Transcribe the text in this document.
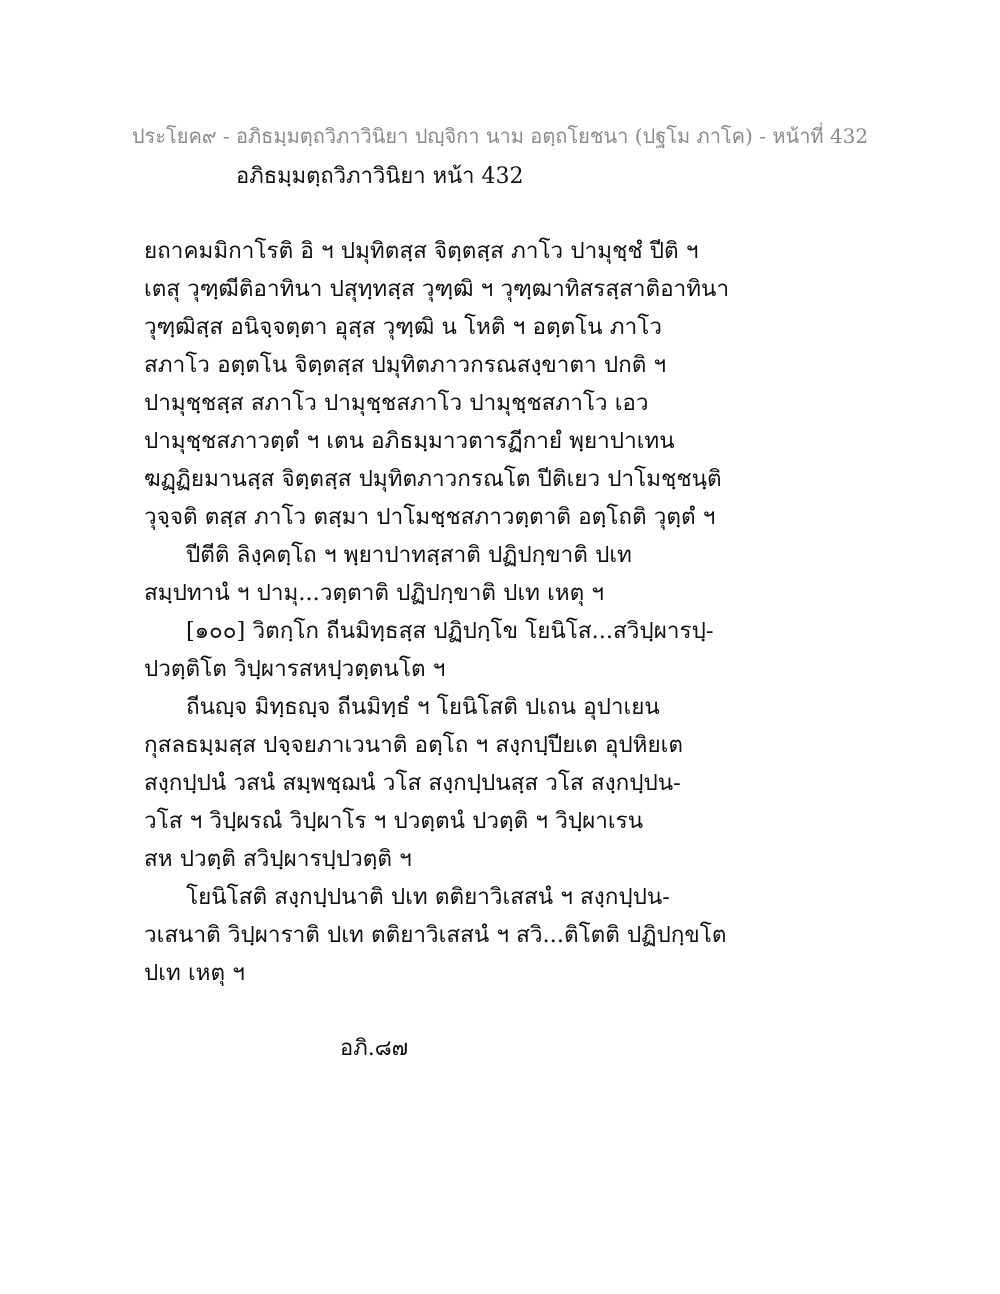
ประโยค๙ - อภิธมฺมตฺถวิภาวินิยา ปญฺจิกา นาม อตฺถโยชนา (ปฐโม ภาโค) - หน้าที่ 432
อภิธมฺมตฺถวิภาวินิยา หน้า 432
ยถาคมมิกาโรติ อิ ฯ ปมุทิตสฺส จิตฺตสฺส ภาโว ปามุชฺชํ ปีติ ฯ
เตสุ วุฑฺฒีติอาทินา ปสุทฺทสฺส วุฑฺฒิ ฯ วุฑฺฒาทิสรสฺสาติอาทินา
วุฑฺฒิสฺส อนิจฺจตฺตา อุสฺส วุฑฺฒิ น โหติ ฯ อตฺตโน ภาโว
สภาโว อตฺตโน จิตฺตสฺส ปมุทิตภาวกรณสงฺขาตา ปกติ ฯ
ปามุชฺชสฺส สภาโว ปามุชฺชสภาโว ปามุชฺชสภาโว เอว
ปามุชฺชสภาวตฺตํ ฯ เตน อภิธมฺมาวตารฏีกายํ พฺยาปาเทน
ฆฏฺฏิยมานสฺส จิตฺตสฺส ปมุทิตภาวกรณโต ปีติเยว ปาโมชฺชนฺติ
วุจฺจติ ตสฺส ภาโว ตสฺมา ปาโมชฺชสภาวตฺตาติ อตฺโถติ วุตฺตํ ฯ
ปีตีติ ลิงฺคตฺโถ ฯ พฺยาปาทสฺสาติ ปฏิปกฺขาติ ปเท
สมฺปทานํ ฯ ปามุ...วตฺตาติ ปฏิปกฺขาติ ปเท เหตุ ฯ
[๑๐๐] วิตกฺโก ถีนมิทฺธสฺส ปฏิปกฺโข โยนิโส...สวิปฺผารปฺ-
ปวตฺติโต วิปฺผารสหปฺวตฺตนโต ฯ
ถีนญฺจ มิทฺธญฺจ ถีนมิทฺธํ ฯ โยนิโสติ ปเถน อุปาเยน
กุสลธมฺมสฺส ปจฺจยภาเวนาติ อตฺโถ ฯ สงฺกปฺปียเต อุปหิยเต
สงฺกปฺปนํ วสนํ สมฺพชฺฌนํ วโส สงฺกปฺปนสฺส วโส สงฺกปฺปน-
วโส ฯ วิปฺผรณํ วิปฺผาโร ฯ ปวตฺตนํ ปวตฺติ ฯ วิปฺผาเรน
สห ปวตฺติ สวิปฺผารปฺปวตฺติ ฯ
โยนิโสติ สงฺกปฺปนาติ ปเท ตติยาวิเสสนํ ฯ สงฺกปฺปน-
วเสนาติ วิปฺผาราติ ปเท ตติยาวิเสสนํ ฯ สวิ...ติโตติ ปฏิปกฺขโต
ปเท เหตุ ฯ
อภิ.๘๗
